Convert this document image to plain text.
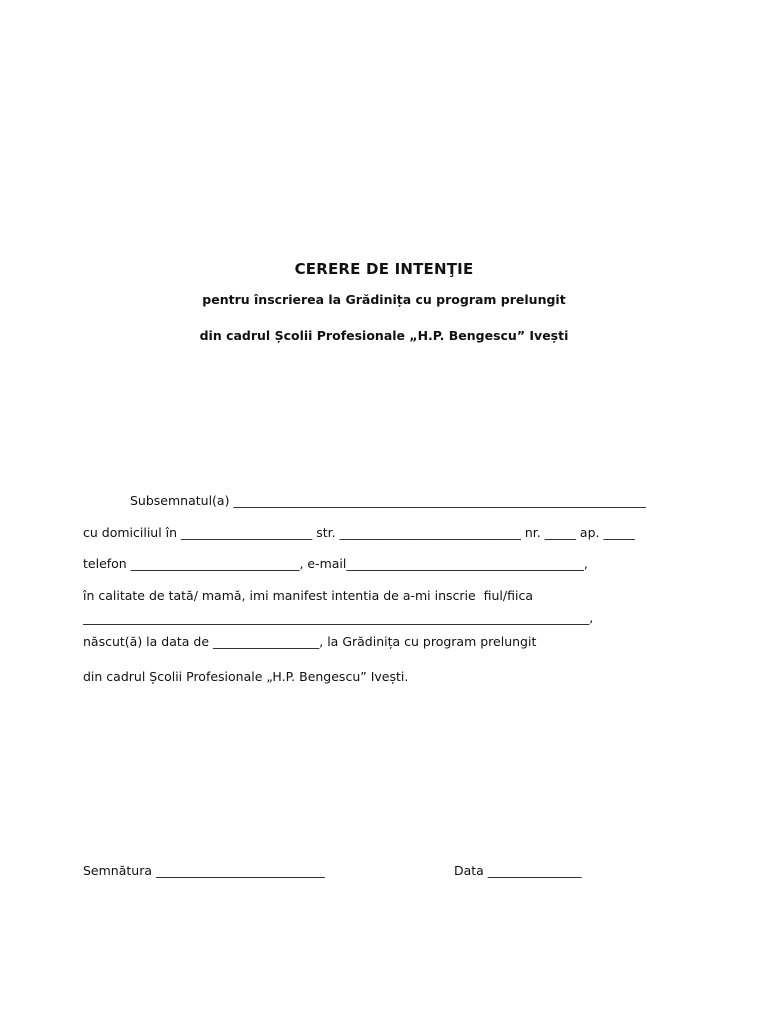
CERERE DE INTENŢIE
pentru înscrierea la Grădinița cu program prelungit
din cadrul Școlii Profesionale „H.P. Bengescu” Ivești
Subsemnatul(a) __________________________________________________________________
cu domiciliul în _____________________ str. _____________________________ nr. _____ ap. _____
telefon ___________________________, e-mail______________________________________,
în calitate de tată/ mamă, imi manifest intentia de a-mi inscrie  fiul/fiica
_________________________________________________________________________________,
născut(ă) la data de _________________, la Grădinița cu program prelungit
din cadrul Școlii Profesionale „H.P. Bengescu” Ivești.
Semnătura ___________________________	Data _______________
